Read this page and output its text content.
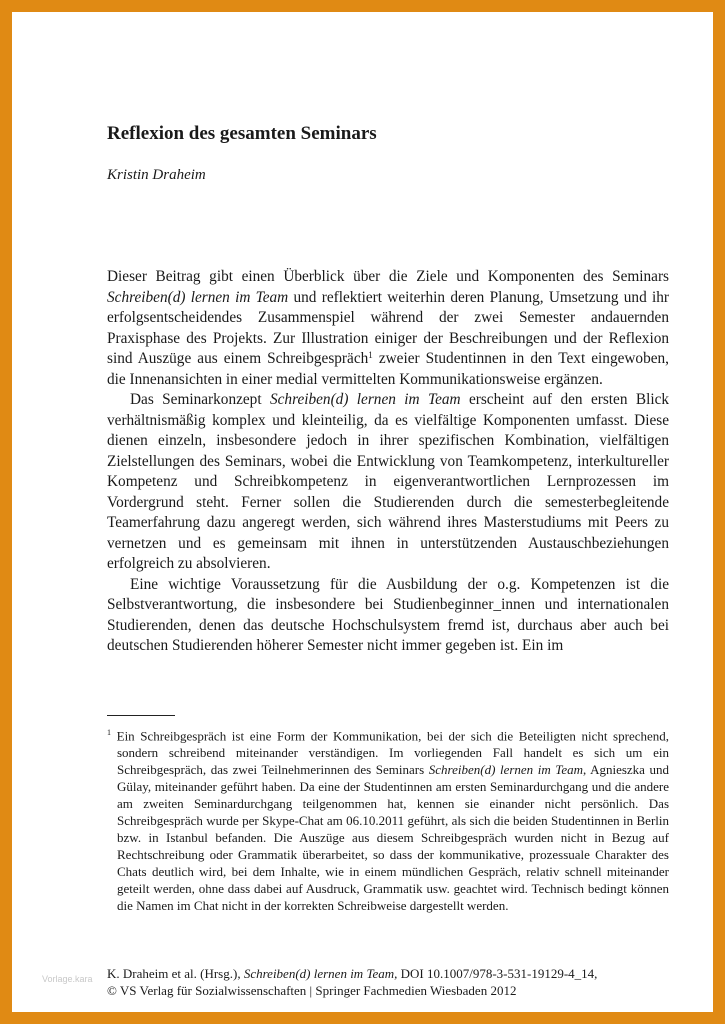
Reflexion des gesamten Seminars

Kristin Draheim

Dieser Beitrag gibt einen Überblick über die Ziele und Komponenten des Seminars Schreiben(d) lernen im Team und reflektiert weiterhin deren Planung, Umsetzung und ihr erfolgsentscheidendes Zusammenspiel während der zwei Semester andauernden Praxisphase des Projekts. Zur Illustration einiger der Beschreibungen und der Reflexion sind Auszüge aus einem Schreibgespräch$^1$ zweier Studentinnen in den Text eingewoben, die Innenansichten in einer medial vermittelten Kommunikationsweise ergänzen.

Das Seminarkonzept Schreiben(d) lernen im Team erscheint auf den ersten Blick verhältnismäßig komplex und kleinteilig, da es vielfältige Komponenten umfasst. Diese dienen einzeln, insbesondere jedoch in ihrer spezifischen Kombination, vielfältigen Zielstellungen des Seminars, wobei die Entwicklung von Teamkompetenz, interkultureller Kompetenz und Schreibkompetenz in eigenverantwortlichen Lernprozessen im Vordergrund steht. Ferner sollen die Studierenden durch die semesterbegleitende Teamerfahrung dazu angeregt werden, sich während ihres Masterstudiums mit Peers zu vernetzen und es gemeinsam mit ihnen in unterstützenden Austauschbeziehungen erfolgreich zu absolvieren.

Eine wichtige Voraussetzung für die Ausbildung der o.g. Kompetenzen ist die Selbstverantwortung, die insbesondere bei Studienbeginner_innen und internationalen Studierenden, denen das deutsche Hochschulsystem fremd ist, durchaus aber auch bei deutschen Studierenden höherer Semester nicht immer gegeben ist. Ein im

$^1$ Ein Schreibgespräch ist eine Form der Kommunikation, bei der sich die Beteiligten nicht sprechend, sondern schreibend miteinander verständigen. Im vorliegenden Fall handelt es sich um ein Schreibgespräch, das zwei Teilnehmerinnen des Seminars Schreiben(d) lernen im Team, Agnieszka und Gülay, miteinander geführt haben. Da eine der Studentinnen am ersten Seminardurchgang und die andere am zweiten Seminardurchgang teilgenommen hat, kennen sie einander nicht persönlich. Das Schreibgespräch wurde per Skype-Chat am 06.10.2011 geführt, als sich die beiden Studentinnen in Berlin bzw. in Istanbul befanden. Die Auszüge aus diesem Schreibgespräch wurden nicht in Bezug auf Rechtschreibung oder Grammatik überarbeitet, so dass der kommunikative, prozessuale Charakter des Chats deutlich wird, bei dem Inhalte, wie in einem mündlichen Gespräch, relativ schnell miteinander geteilt werden, ohne dass dabei auf Ausdruck, Grammatik usw. geachtet wird. Technisch bedingt können die Namen im Chat nicht in der korrekten Schreibweise dargestellt werden.

K. Draheim et al. (Hrsg.), Schreiben(d) lernen im Team, DOI 10.1007/978-3-531-19129-4_14,

© VS Verlag für Sozialwissenschaften | Springer Fachmedien Wiesbaden 2012

Vorlage.kara
